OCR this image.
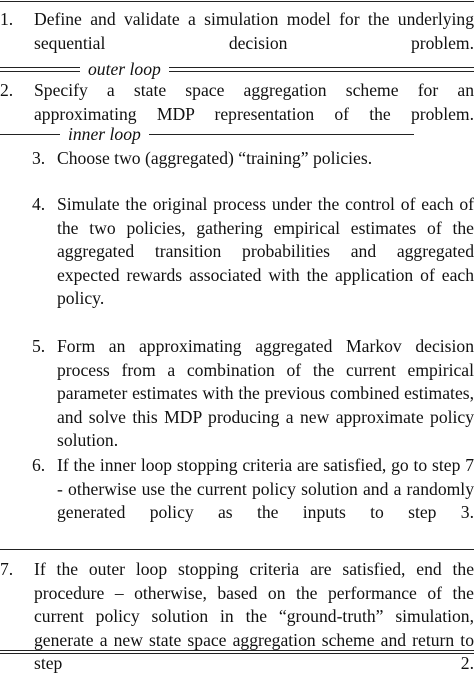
1. Define and validate a simulation model for the underlying sequential decision problem.
outer loop
2. Specify a state space aggregation scheme for an approximating MDP representation of the problem.
inner loop
3. Choose two (aggregated) “training” policies.
4. Simulate the original process under the control of each of the two policies, gathering empirical estimates of the aggregated transition probabilities and aggregated expected rewards associated with the application of each policy.
5. Form an approximating aggregated Markov decision process from a combination of the current empirical parameter estimates with the previous combined estimates, and solve this MDP producing a new approximate policy solution.
6. If the inner loop stopping criteria are satisfied, go to step 7 - otherwise use the current policy solution and a randomly generated policy as the inputs to step 3.
7. If the outer loop stopping criteria are satisfied, end the procedure – otherwise, based on the performance of the current policy solution in the “ground-truth” simulation, generate a new state space aggregation scheme and return to step 2.
